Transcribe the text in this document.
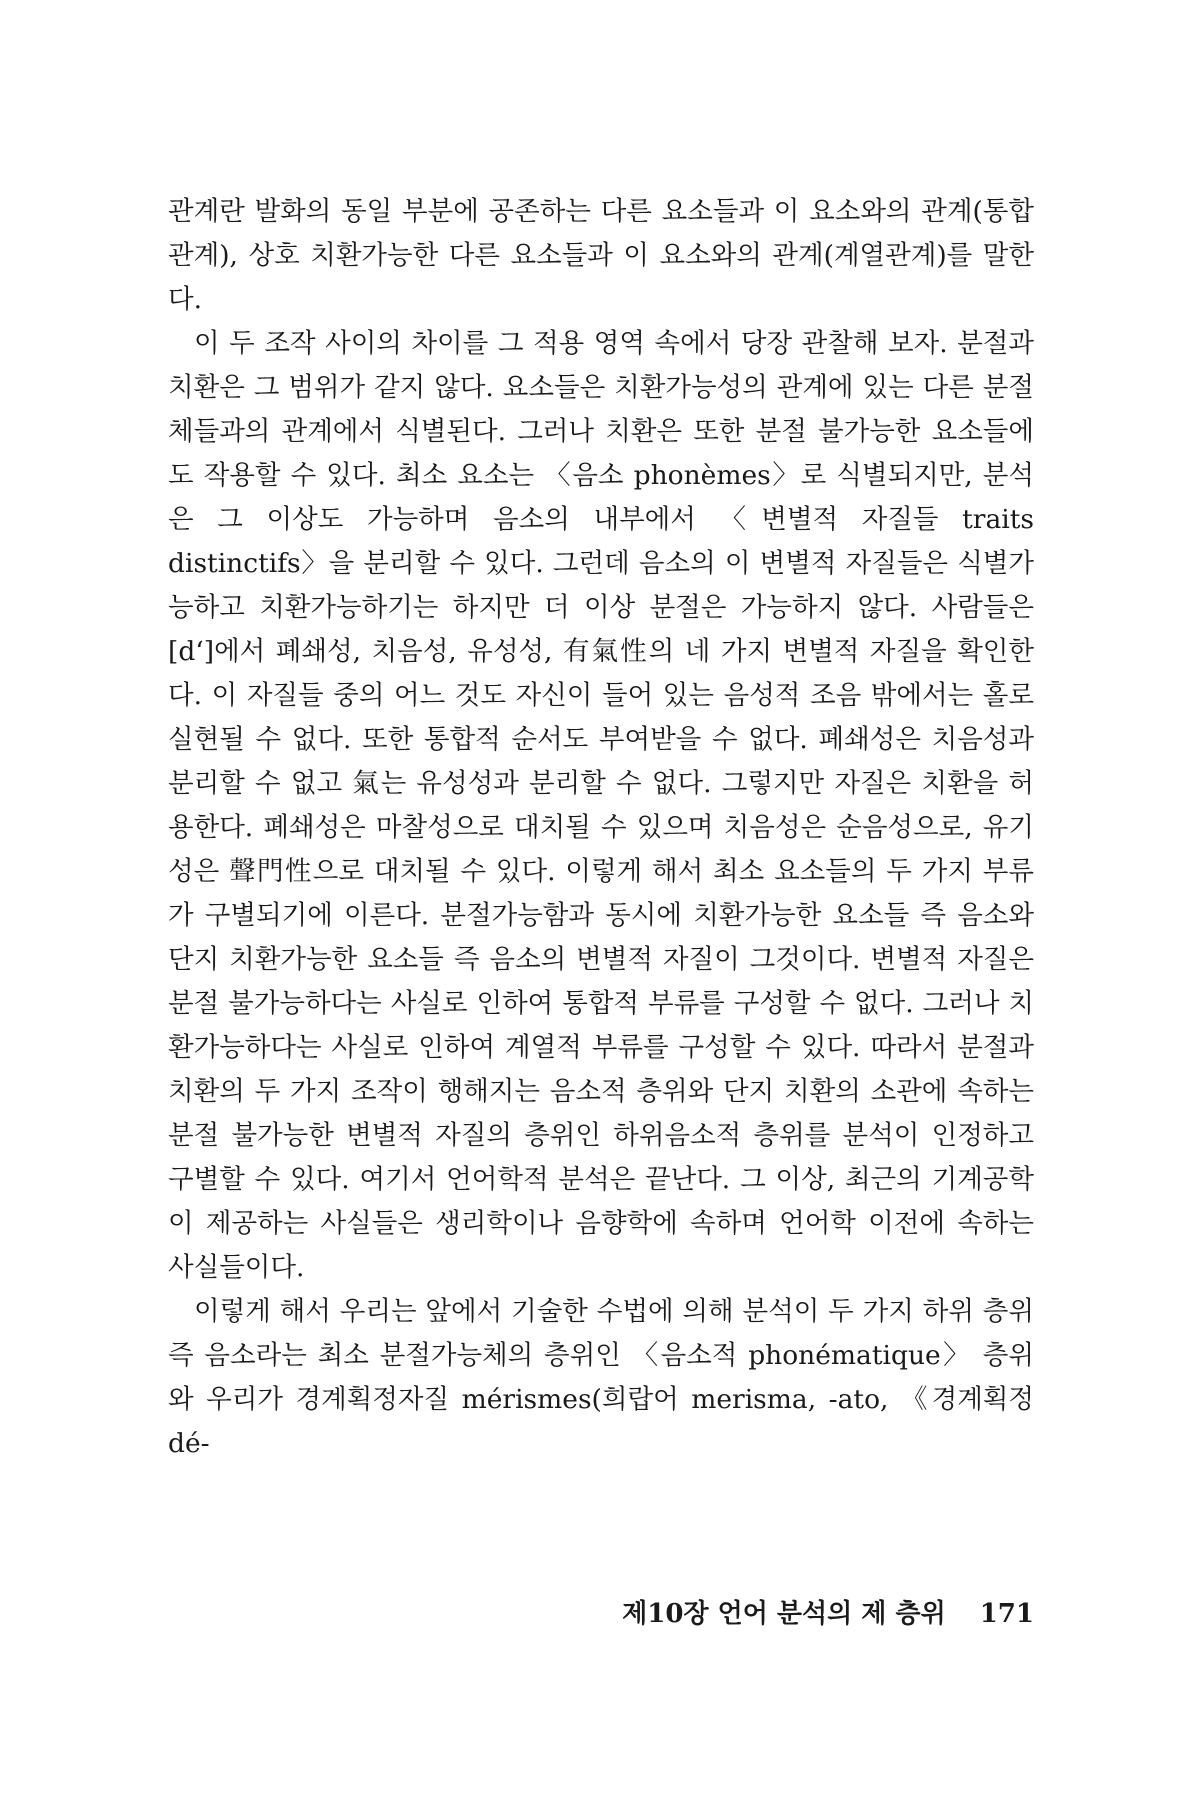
관계란 발화의 동일 부분에 공존하는 다른 요소들과 이 요소와의 관계(통합관계), 상호 치환가능한 다른 요소들과 이 요소와의 관계(계열관계)를 말한다.

이 두 조작 사이의 차이를 그 적용 영역 속에서 당장 관찰해 보자. 분절과 치환은 그 범위가 같지 않다. 요소들은 치환가능성의 관계에 있는 다른 분절체들과의 관계에서 식별된다. 그러나 치환은 또한 분절 불가능한 요소들에도 작용할 수 있다. 최소 요소는 〈음소 phonèmes〉로 식별되지만, 분석은 그 이상도 가능하며 음소의 내부에서 〈변별적 자질들 traits distinctifs〉을 분리할 수 있다. 그런데 음소의 이 변별적 자질들은 식별가능하고 치환가능하기는 하지만 더 이상 분절은 가능하지 않다. 사람들은 [dʻ]에서 폐쇄성, 치음성, 유성성, 有氣性의 네 가지 변별적 자질을 확인한다. 이 자질들 중의 어느 것도 자신이 들어 있는 음성적 조음 밖에서는 홀로 실현될 수 없다. 또한 통합적 순서도 부여받을 수 없다. 폐쇄성은 치음성과 분리할 수 없고 氣는 유성성과 분리할 수 없다. 그렇지만 자질은 치환을 허용한다. 폐쇄성은 마찰성으로 대치될 수 있으며 치음성은 순음성으로, 유기성은 聲門性으로 대치될 수 있다. 이렇게 해서 최소 요소들의 두 가지 부류가 구별되기에 이른다. 분절가능함과 동시에 치환가능한 요소들 즉 음소와 단지 치환가능한 요소들 즉 음소의 변별적 자질이 그것이다. 변별적 자질은 분절 불가능하다는 사실로 인하여 통합적 부류를 구성할 수 없다. 그러나 치환가능하다는 사실로 인하여 계열적 부류를 구성할 수 있다. 따라서 분절과 치환의 두 가지 조작이 행해지는 음소적 층위와 단지 치환의 소관에 속하는 분절 불가능한 변별적 자질의 층위인 하위음소적 층위를 분석이 인정하고 구별할 수 있다. 여기서 언어학적 분석은 끝난다. 그 이상, 최근의 기계공학이 제공하는 사실들은 생리학이나 음향학에 속하며 언어학 이전에 속하는 사실들이다.

이렇게 해서 우리는 앞에서 기술한 수법에 의해 분석이 두 가지 하위 층위 즉 음소라는 최소 분절가능체의 층위인 〈음소적 phonématique〉 층위와 우리가 경계획정자질 mérismes(희랍어 merisma, -ato, 《경계획정 dé-

제10장 언어 분석의 제 층위 171
